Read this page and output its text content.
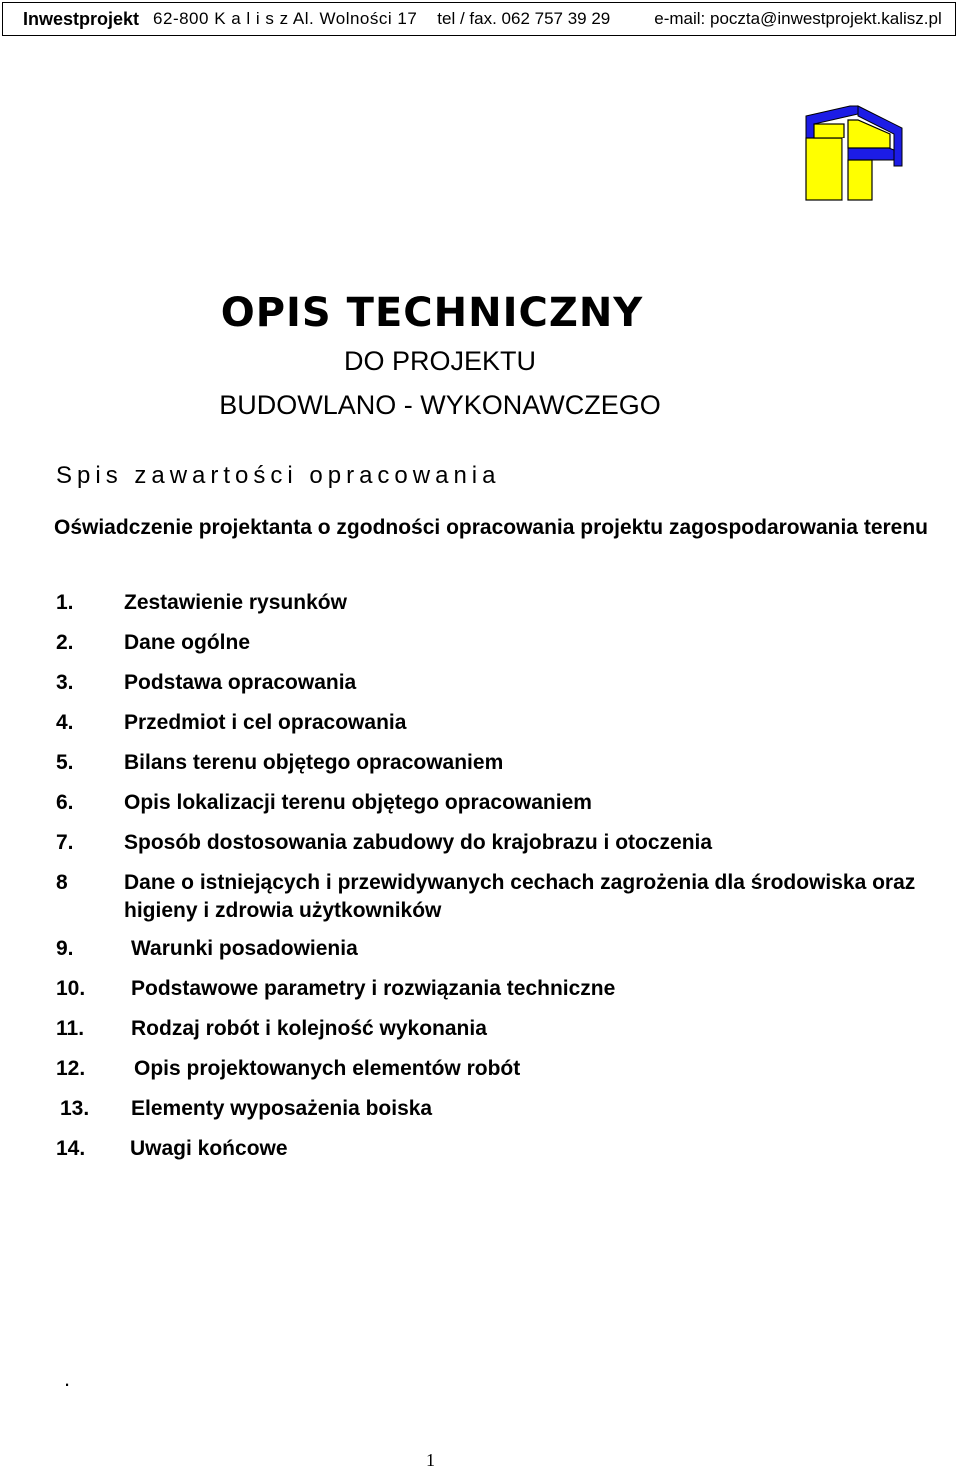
Inwestprojekt 62-800 K a l i s z Al. Wolności 17 tel / fax. 062 757 39 29	e-mail: poczta@inwestprojekt.kalisz.pl
OPIS TECHNICZNY
DO PROJEKTU
BUDOWLANO - WYKONAWCZEGO
Spis zawartości opracowania
Oświadczenie projektanta o zgodności opracowania projektu zagospodarowania terenu
1. Zestawienie rysunków
2. Dane ogólne
3. Podstawa opracowania
4. Przedmiot i cel opracowania
5. Bilans terenu objętego opracowaniem
6. Opis lokalizacji terenu objętego opracowaniem
7. Sposób dostosowania zabudowy do krajobrazu i otoczenia
8	Dane o istniejących i przewidywanych cechach zagrożenia dla środowiska oraz higieny i zdrowia użytkowników
9.	Warunki posadowienia
10. Podstawowe parametry i rozwiązania techniczne
11. Rodzaj robót i kolejność wykonania
12. Opis projektowanych elementów robót
13. Elementy wyposażenia boiska
14. Uwagi końcowe
.
1
